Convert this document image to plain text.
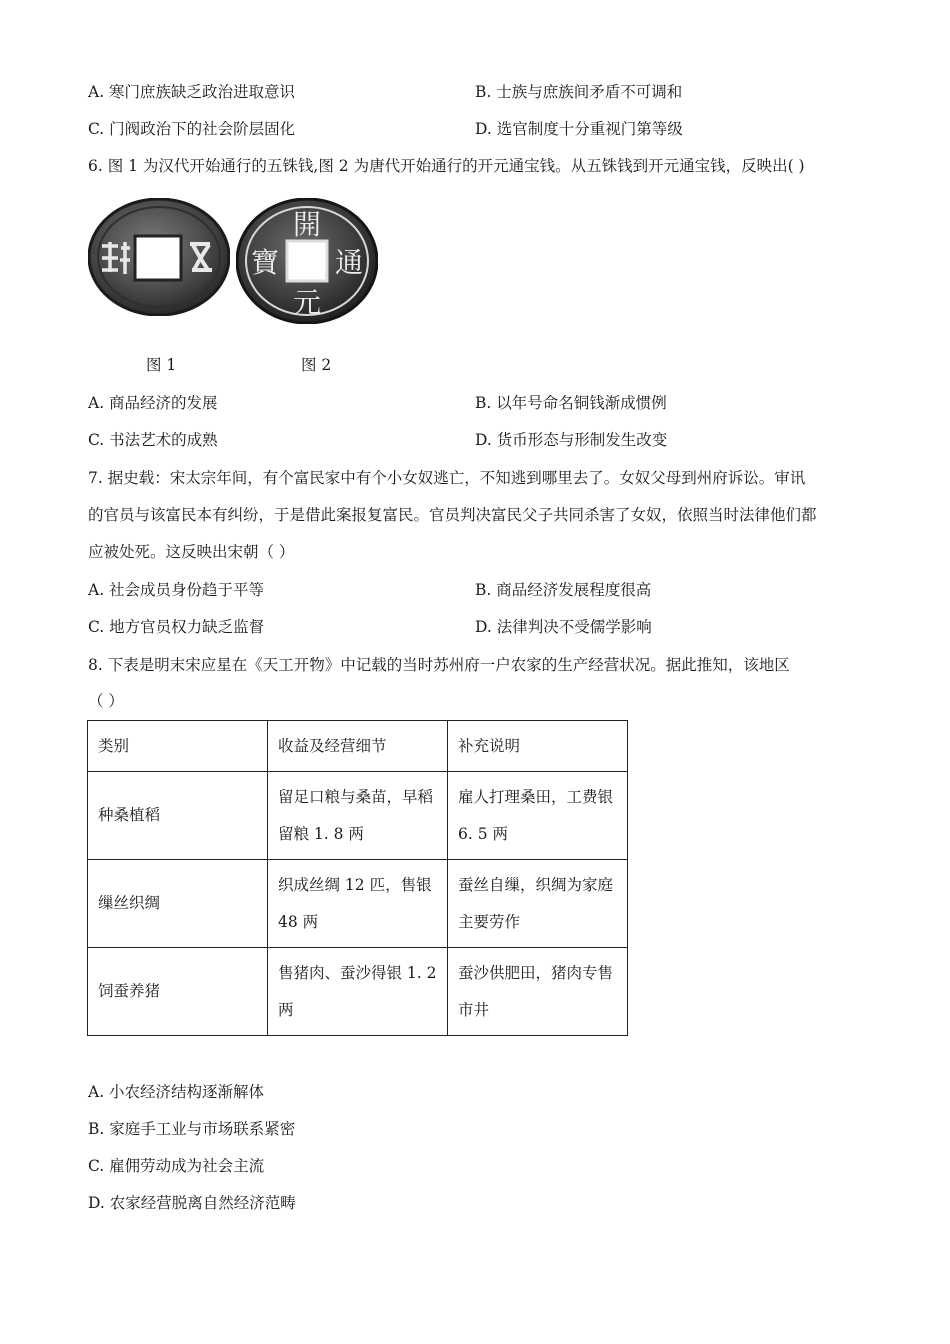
A. 寒门庶族缺乏政治进取意识	B. 士族与庶族间矛盾不可调和
C. 门阀政治下的社会阶层固化	D. 选官制度十分重视门第等级
6. 图 1 为汉代开始通行的五铢钱,图 2 为唐代开始通行的开元通宝钱。从五铢钱到开元通宝钱，反映出( )
開
元
寶 通
图 1	图 2
A. 商品经济的发展	B. 以年号命名铜钱渐成惯例
C. 书法艺术的成熟	D. 货币形态与形制发生改变
7. 据史载：宋太宗年间，有个富民家中有个小女奴逃亡，不知逃到哪里去了。女奴父母到州府诉讼。审讯
的官员与该富民本有纠纷，于是借此案报复富民。官员判决富民父子共同杀害了女奴，依照当时法律他们都
应被处死。这反映出宋朝（ ）
A. 社会成员身份趋于平等	B. 商品经济发展程度很高
C. 地方官员权力缺乏监督	D. 法律判决不受儒学影响
8. 下表是明末宋应星在《天工开物》中记载的当时苏州府一户农家的生产经营状况。据此推知，该地区
（ ）
类别	收益及经营细节	补充说明
种桑植稻	留足口粮与桑苗，早稻留粮 1. 8 两	雇人打理桑田，工费银 6. 5 两
缫丝织绸	织成丝绸 12 匹，售银 48 两	蚕丝自缫，织绸为家庭主要劳作
饲蚕养猪	售猪肉、蚕沙得银 1. 2 两	蚕沙供肥田，猪肉专售市井
A. 小农经济结构逐渐解体
B. 家庭手工业与市场联系紧密
C. 雇佣劳动成为社会主流
D. 农家经营脱离自然经济范畴
